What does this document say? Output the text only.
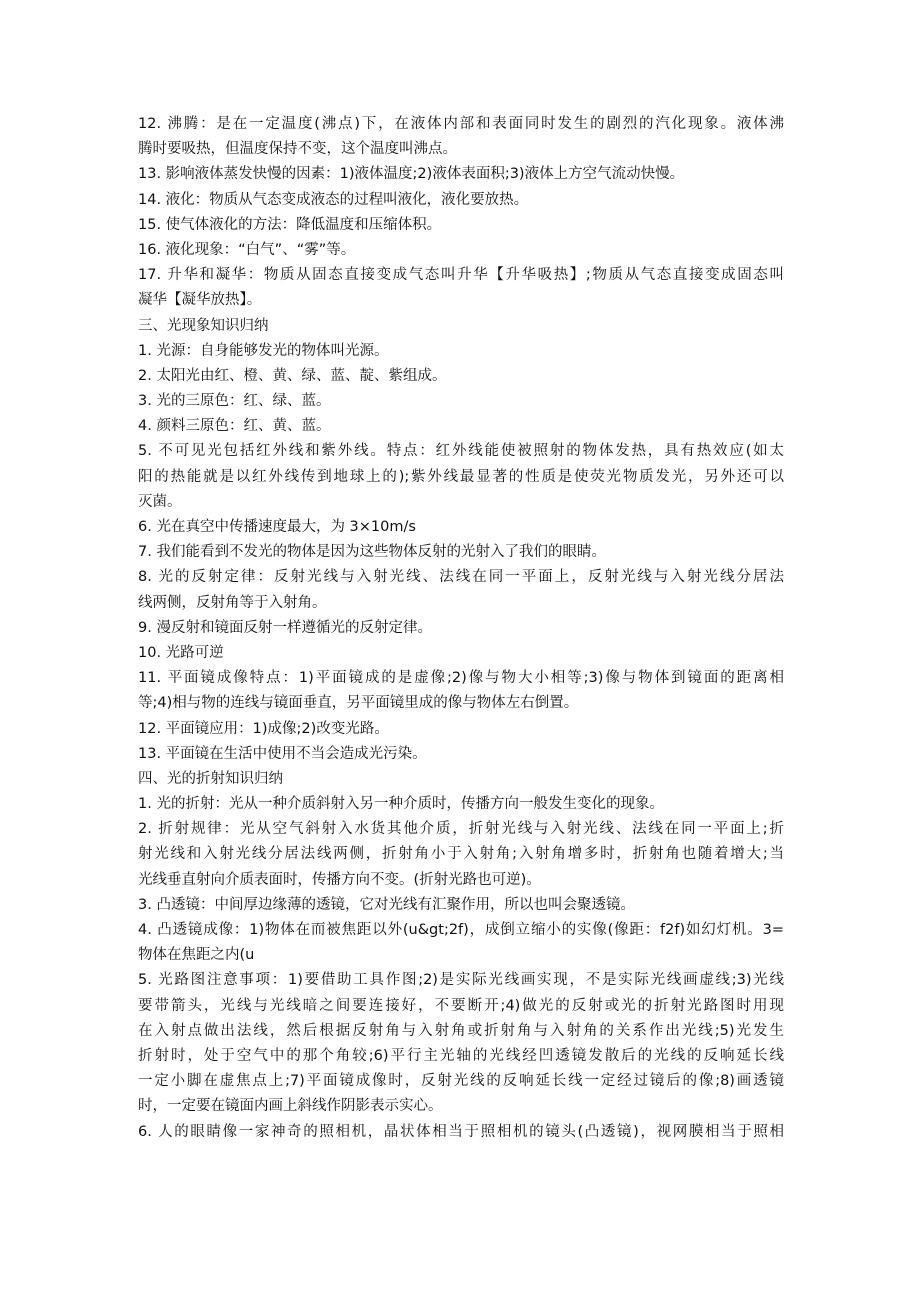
12. 沸腾：是在一定温度(沸点)下，在液体内部和表面同时发生的剧烈的汽化现象。液体沸
腾时要吸热，但温度保持不变，这个温度叫沸点。
13. 影响液体蒸发快慢的因素：1)液体温度;2)液体表面积;3)液体上方空气流动快慢。
14. 液化：物质从气态变成液态的过程叫液化，液化要放热。
15. 使气体液化的方法：降低温度和压缩体积。
16. 液化现象：“白气”、“雾”等。
17. 升华和凝华：物质从固态直接变成气态叫升华【升华吸热】;物质从气态直接变成固态叫
凝华【凝华放热】。
三、光现象知识归纳
1. 光源：自身能够发光的物体叫光源。
2. 太阳光由红、橙、黄、绿、蓝、靛、紫组成。
3. 光的三原色：红、绿、蓝。
4. 颜料三原色：红、黄、蓝。
5. 不可见光包括红外线和紫外线。特点：红外线能使被照射的物体发热，具有热效应(如太
阳的热能就是以红外线传到地球上的);紫外线最显著的性质是使荧光物质发光，另外还可以
灭菌。
6. 光在真空中传播速度最大，为 3×10m/s
7. 我们能看到不发光的物体是因为这些物体反射的光射入了我们的眼睛。
8. 光的反射定律：反射光线与入射光线、法线在同一平面上，反射光线与入射光线分居法
线两侧，反射角等于入射角。
9. 漫反射和镜面反射一样遵循光的反射定律。
10. 光路可逆
11. 平面镜成像特点：1)平面镜成的是虚像;2)像与物大小相等;3)像与物体到镜面的距离相
等;4)相与物的连线与镜面垂直，另平面镜里成的像与物体左右倒置。
12. 平面镜应用：1)成像;2)改变光路。
13. 平面镜在生活中使用不当会造成光污染。
四、光的折射知识归纳
1. 光的折射：光从一种介质斜射入另一种介质时，传播方向一般发生变化的现象。
2. 折射规律：光从空气斜射入水货其他介质，折射光线与入射光线、法线在同一平面上;折
射光线和入射光线分居法线两侧，折射角小于入射角;入射角增多时，折射角也随着增大;当
光线垂直射向介质表面时，传播方向不变。(折射光路也可逆)。
3. 凸透镜：中间厚边缘薄的透镜，它对光线有汇聚作用，所以也叫会聚透镜。
4. 凸透镜成像：1)物体在而被焦距以外(u&gt;2f)，成倒立缩小的实像(像距：f2f)如幻灯机。3=
物体在焦距之内(u
5. 光路图注意事项：1)要借助工具作图;2)是实际光线画实现，不是实际光线画虚线;3)光线
要带箭头，光线与光线暗之间要连接好，不要断开;4)做光的反射或光的折射光路图时用现
在入射点做出法线，然后根据反射角与入射角或折射角与入射角的关系作出光线;5)光发生
折射时，处于空气中的那个角较;6)平行主光轴的光线经凹透镜发散后的光线的反响延长线
一定小脚在虚焦点上;7)平面镜成像时，反射光线的反响延长线一定经过镜后的像;8)画透镜
时，一定要在镜面内画上斜线作阴影表示实心。
6. 人的眼睛像一家神奇的照相机，晶状体相当于照相机的镜头(凸透镜)，视网膜相当于照相
